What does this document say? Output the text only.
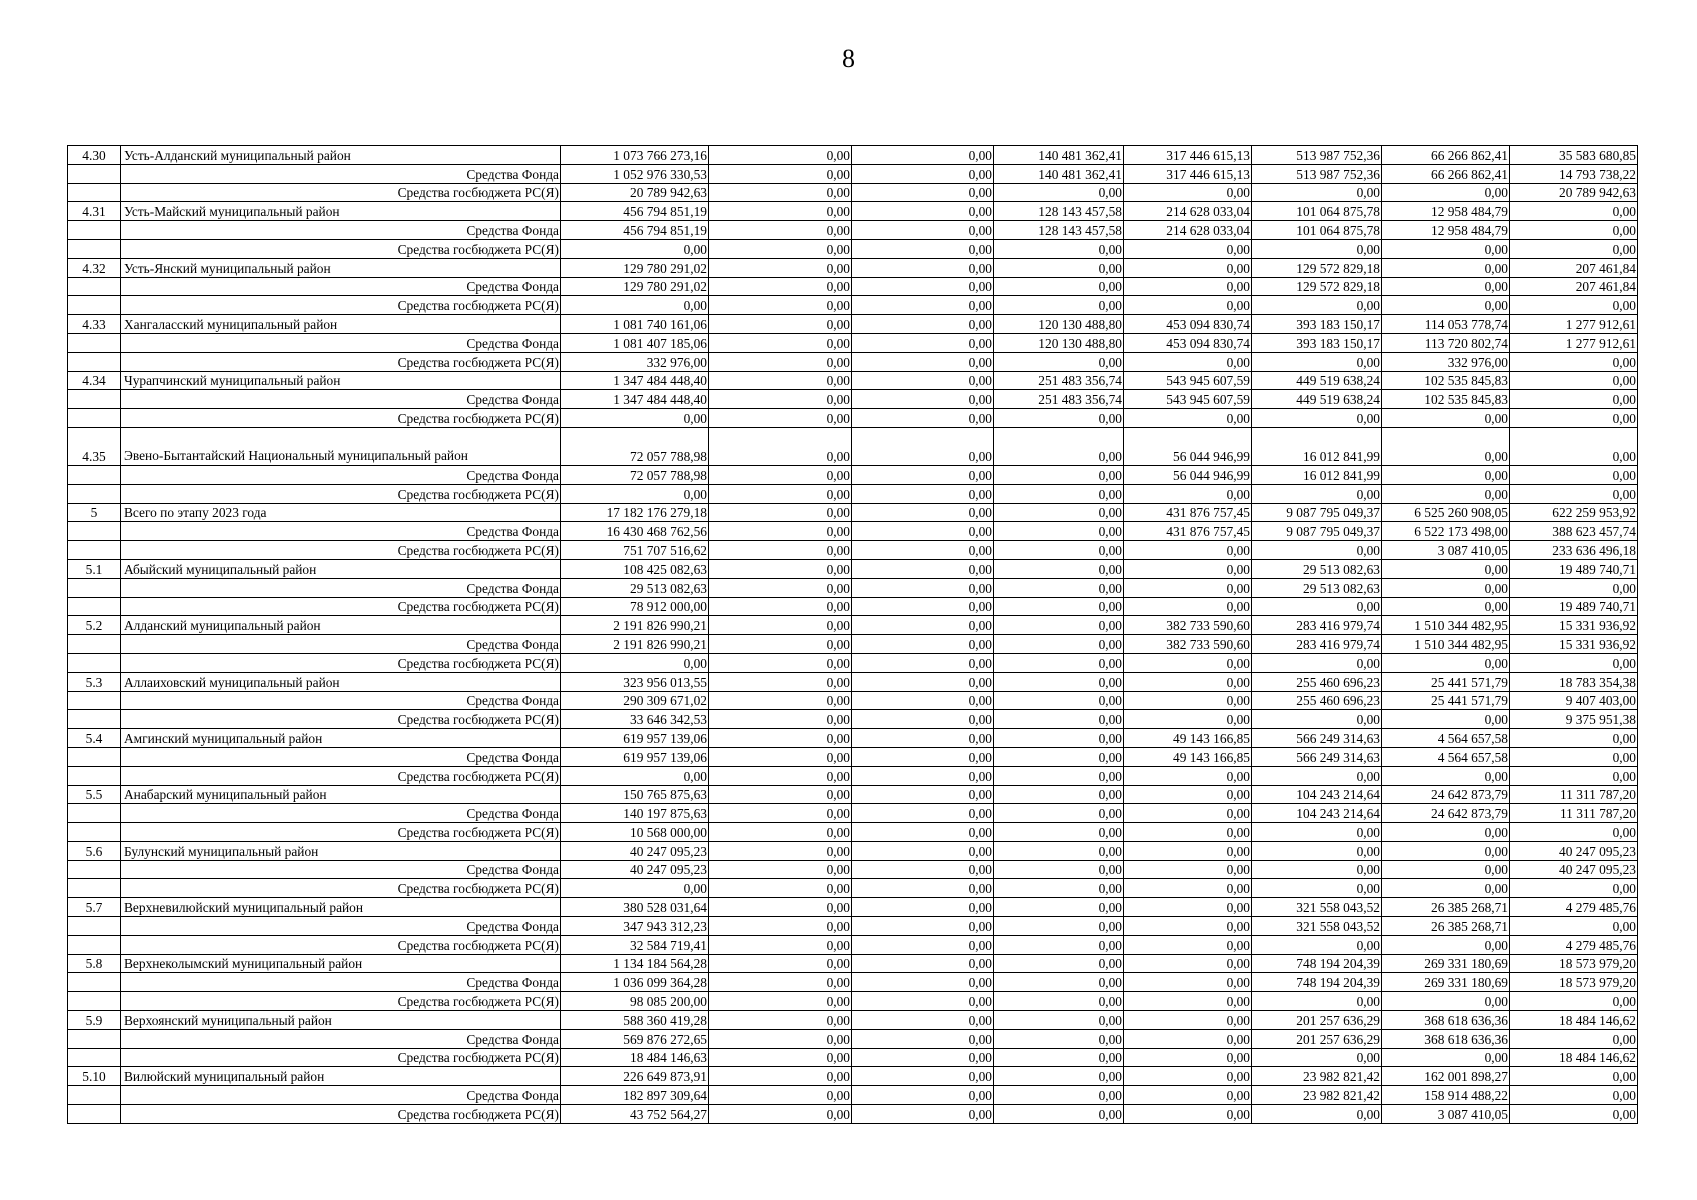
8
4.30	Усть-Алданский муниципальный район	1 073 766 273,16	0,00	0,00	140 481 362,41	317 446 615,13	513 987 752,36	66 266 862,41	35 583 680,85
	Средства Фонда	1 052 976 330,53	0,00	0,00	140 481 362,41	317 446 615,13	513 987 752,36	66 266 862,41	14 793 738,22
	Средства госбюджета РС(Я)	20 789 942,63	0,00	0,00	0,00	0,00	0,00	0,00	20 789 942,63
4.31	Усть-Майский муниципальный район	456 794 851,19	0,00	0,00	128 143 457,58	214 628 033,04	101 064 875,78	12 958 484,79	0,00
	Средства Фонда	456 794 851,19	0,00	0,00	128 143 457,58	214 628 033,04	101 064 875,78	12 958 484,79	0,00
	Средства госбюджета РС(Я)	0,00	0,00	0,00	0,00	0,00	0,00	0,00	0,00
4.32	Усть-Янский муниципальный район	129 780 291,02	0,00	0,00	0,00	0,00	129 572 829,18	0,00	207 461,84
	Средства Фонда	129 780 291,02	0,00	0,00	0,00	0,00	129 572 829,18	0,00	207 461,84
	Средства госбюджета РС(Я)	0,00	0,00	0,00	0,00	0,00	0,00	0,00	0,00
4.33	Хангаласский муниципальный район	1 081 740 161,06	0,00	0,00	120 130 488,80	453 094 830,74	393 183 150,17	114 053 778,74	1 277 912,61
	Средства Фонда	1 081 407 185,06	0,00	0,00	120 130 488,80	453 094 830,74	393 183 150,17	113 720 802,74	1 277 912,61
	Средства госбюджета РС(Я)	332 976,00	0,00	0,00	0,00	0,00	0,00	332 976,00	0,00
4.34	Чурапчинский муниципальный район	1 347 484 448,40	0,00	0,00	251 483 356,74	543 945 607,59	449 519 638,24	102 535 845,83	0,00
	Средства Фонда	1 347 484 448,40	0,00	0,00	251 483 356,74	543 945 607,59	449 519 638,24	102 535 845,83	0,00
	Средства госбюджета РС(Я)	0,00	0,00	0,00	0,00	0,00	0,00	0,00	0,00
4.35	Эвено-Бытантайский Национальный муниципальный район	72 057 788,98	0,00	0,00	0,00	56 044 946,99	16 012 841,99	0,00	0,00
	Средства Фонда	72 057 788,98	0,00	0,00	0,00	56 044 946,99	16 012 841,99	0,00	0,00
	Средства госбюджета РС(Я)	0,00	0,00	0,00	0,00	0,00	0,00	0,00	0,00
5	Всего по этапу 2023 года	17 182 176 279,18	0,00	0,00	0,00	431 876 757,45	9 087 795 049,37	6 525 260 908,05	622 259 953,92
	Средства Фонда	16 430 468 762,56	0,00	0,00	0,00	431 876 757,45	9 087 795 049,37	6 522 173 498,00	388 623 457,74
	Средства госбюджета РС(Я)	751 707 516,62	0,00	0,00	0,00	0,00	0,00	3 087 410,05	233 636 496,18
5.1	Абыйский муниципальный район	108 425 082,63	0,00	0,00	0,00	0,00	29 513 082,63	0,00	19 489 740,71
	Средства Фонда	29 513 082,63	0,00	0,00	0,00	0,00	29 513 082,63	0,00	0,00
	Средства госбюджета РС(Я)	78 912 000,00	0,00	0,00	0,00	0,00	0,00	0,00	19 489 740,71
5.2	Алданский муниципальный район	2 191 826 990,21	0,00	0,00	0,00	382 733 590,60	283 416 979,74	1 510 344 482,95	15 331 936,92
	Средства Фонда	2 191 826 990,21	0,00	0,00	0,00	382 733 590,60	283 416 979,74	1 510 344 482,95	15 331 936,92
	Средства госбюджета РС(Я)	0,00	0,00	0,00	0,00	0,00	0,00	0,00	0,00
5.3	Аллаиховский муниципальный район	323 956 013,55	0,00	0,00	0,00	0,00	255 460 696,23	25 441 571,79	18 783 354,38
	Средства Фонда	290 309 671,02	0,00	0,00	0,00	0,00	255 460 696,23	25 441 571,79	9 407 403,00
	Средства госбюджета РС(Я)	33 646 342,53	0,00	0,00	0,00	0,00	0,00	0,00	9 375 951,38
5.4	Амгинский муниципальный район	619 957 139,06	0,00	0,00	0,00	49 143 166,85	566 249 314,63	4 564 657,58	0,00
	Средства Фонда	619 957 139,06	0,00	0,00	0,00	49 143 166,85	566 249 314,63	4 564 657,58	0,00
	Средства госбюджета РС(Я)	0,00	0,00	0,00	0,00	0,00	0,00	0,00	0,00
5.5	Анабарский муниципальный район	150 765 875,63	0,00	0,00	0,00	0,00	104 243 214,64	24 642 873,79	11 311 787,20
	Средства Фонда	140 197 875,63	0,00	0,00	0,00	0,00	104 243 214,64	24 642 873,79	11 311 787,20
	Средства госбюджета РС(Я)	10 568 000,00	0,00	0,00	0,00	0,00	0,00	0,00	0,00
5.6	Булунский муниципальный район	40 247 095,23	0,00	0,00	0,00	0,00	0,00	0,00	40 247 095,23
	Средства Фонда	40 247 095,23	0,00	0,00	0,00	0,00	0,00	0,00	40 247 095,23
	Средства госбюджета РС(Я)	0,00	0,00	0,00	0,00	0,00	0,00	0,00	0,00
5.7	Верхневилюйский муниципальный район	380 528 031,64	0,00	0,00	0,00	0,00	321 558 043,52	26 385 268,71	4 279 485,76
	Средства Фонда	347 943 312,23	0,00	0,00	0,00	0,00	321 558 043,52	26 385 268,71	0,00
	Средства госбюджета РС(Я)	32 584 719,41	0,00	0,00	0,00	0,00	0,00	0,00	4 279 485,76
5.8	Верхнеколымский муниципальный район	1 134 184 564,28	0,00	0,00	0,00	0,00	748 194 204,39	269 331 180,69	18 573 979,20
	Средства Фонда	1 036 099 364,28	0,00	0,00	0,00	0,00	748 194 204,39	269 331 180,69	18 573 979,20
	Средства госбюджета РС(Я)	98 085 200,00	0,00	0,00	0,00	0,00	0,00	0,00	0,00
5.9	Верхоянский муниципальный район	588 360 419,28	0,00	0,00	0,00	0,00	201 257 636,29	368 618 636,36	18 484 146,62
	Средства Фонда	569 876 272,65	0,00	0,00	0,00	0,00	201 257 636,29	368 618 636,36	0,00
	Средства госбюджета РС(Я)	18 484 146,63	0,00	0,00	0,00	0,00	0,00	0,00	18 484 146,62
5.10	Вилюйский муниципальный район	226 649 873,91	0,00	0,00	0,00	0,00	23 982 821,42	162 001 898,27	0,00
	Средства Фонда	182 897 309,64	0,00	0,00	0,00	0,00	23 982 821,42	158 914 488,22	0,00
	Средства госбюджета РС(Я)	43 752 564,27	0,00	0,00	0,00	0,00	0,00	3 087 410,05	0,00
